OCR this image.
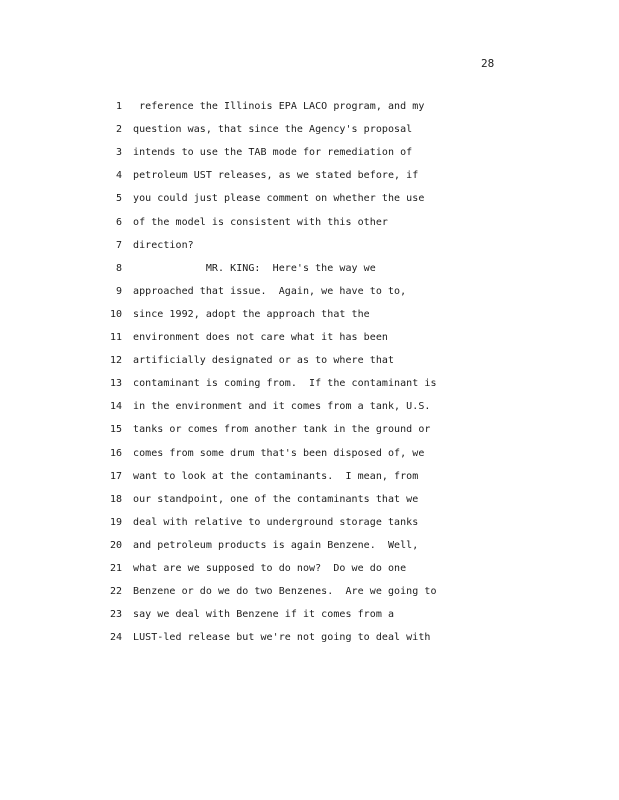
28
1 reference the Illinois EPA LACO program, and my
2 question was, that since the Agency's proposal
3 intends to use the TAB mode for remediation of
4 petroleum UST releases, as we stated before, if
5 you could just please comment on whether the use
6 of the model is consistent with this other
7 direction?
8 MR. KING:  Here's the way we
9 approached that issue.  Again, we have to to,
10 since 1992, adopt the approach that the
11 environment does not care what it has been
12 artificially designated or as to where that
13 contaminant is coming from.  If the contaminant is
14 in the environment and it comes from a tank, U.S.
15 tanks or comes from another tank in the ground or
16 comes from some drum that's been disposed of, we
17 want to look at the contaminants.  I mean, from
18 our standpoint, one of the contaminants that we
19 deal with relative to underground storage tanks
20 and petroleum products is again Benzene.  Well,
21 what are we supposed to do now?  Do we do one
22 Benzene or do we do two Benzenes.  Are we going to
23 say we deal with Benzene if it comes from a
24 LUST-led release but we're not going to deal with
